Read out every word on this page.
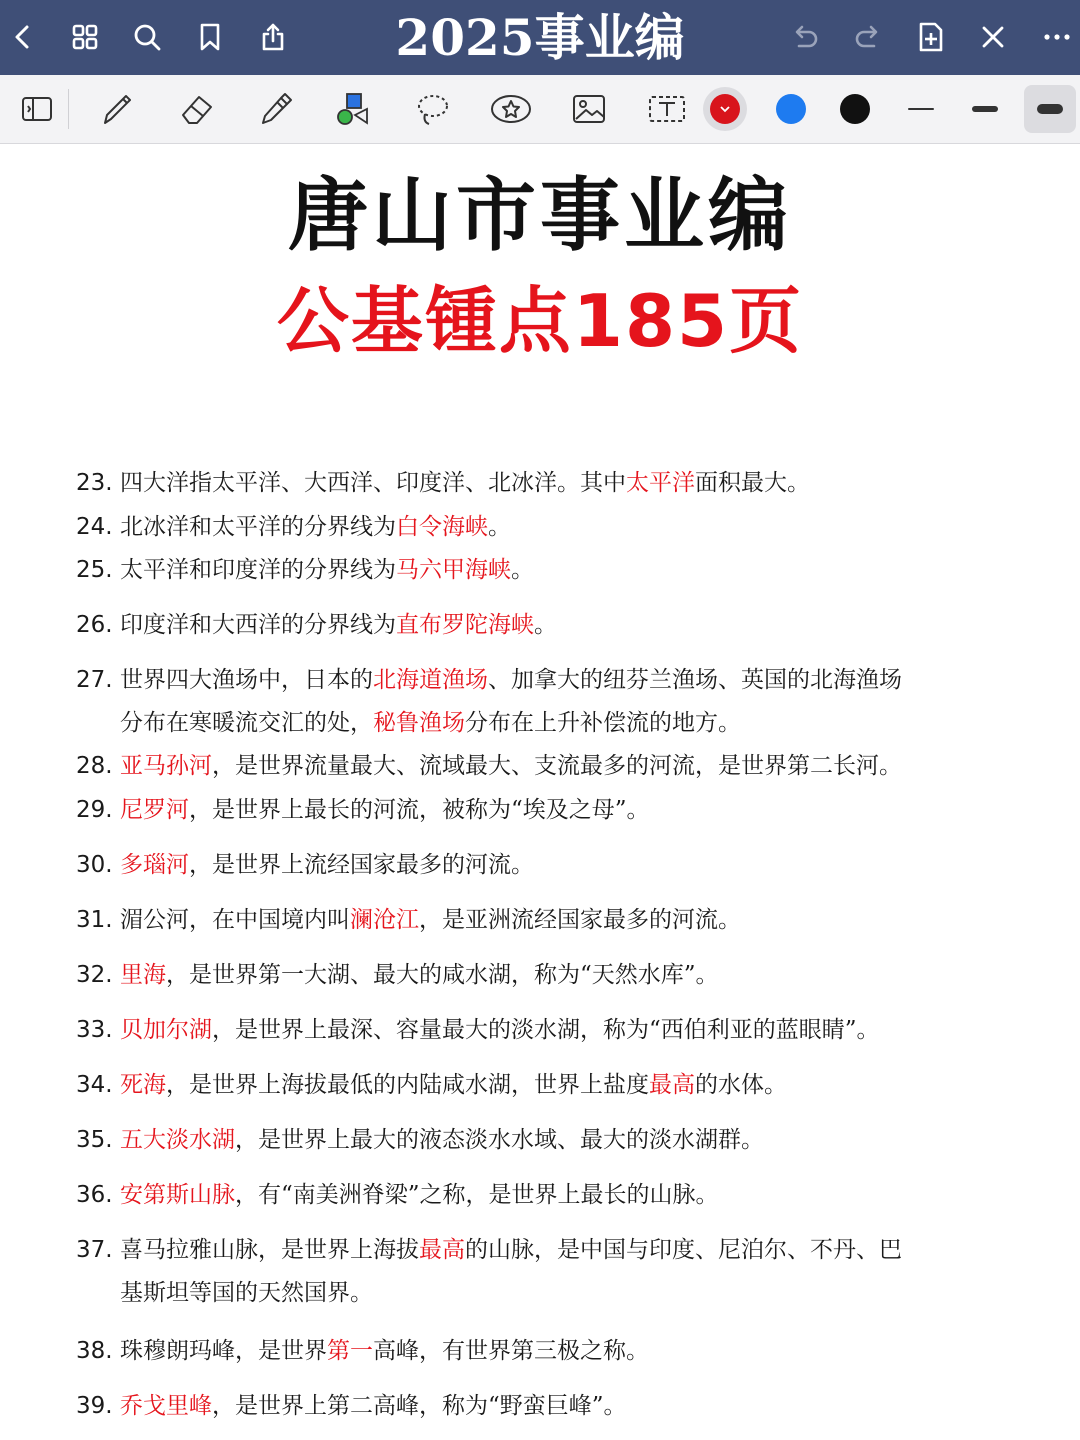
2025事业编
唐山市事业编
公基锺点185页
23. 四大洋指太平洋、大西洋、印度洋、北冰洋。其中太平洋面积最大。
24. 北冰洋和太平洋的分界线为白令海峡。
25. 太平洋和印度洋的分界线为马六甲海峡。
26. 印度洋和大西洋的分界线为直布罗陀海峡。
27. 世界四大渔场中，日本的北海道渔场、加拿大的纽芬兰渔场、英国的北海渔场
分布在寒暖流交汇的处，秘鲁渔场分布在上升补偿流的地方。
28. 亚马孙河，是世界流量最大、流域最大、支流最多的河流，是世界第二长河。
29. 尼罗河，是世界上最长的河流，被称为“埃及之母”。
30. 多瑙河，是世界上流经国家最多的河流。
31. 湄公河，在中国境内叫澜沧江，是亚洲流经国家最多的河流。
32. 里海，是世界第一大湖、最大的咸水湖，称为“天然水库”。
33. 贝加尔湖，是世界上最深、容量最大的淡水湖，称为“西伯利亚的蓝眼睛”。
34. 死海，是世界上海拔最低的内陆咸水湖，世界上盐度最高的水体。
35. 五大淡水湖，是世界上最大的液态淡水水域、最大的淡水湖群。
36. 安第斯山脉，有“南美洲脊梁”之称，是世界上最长的山脉。
37. 喜马拉雅山脉，是世界上海拔最高的山脉，是中国与印度、尼泊尔、不丹、巴
基斯坦等国的天然国界。
38. 珠穆朗玛峰，是世界第一高峰，有世界第三极之称。
39. 乔戈里峰，是世界上第二高峰，称为“野蛮巨峰”。
